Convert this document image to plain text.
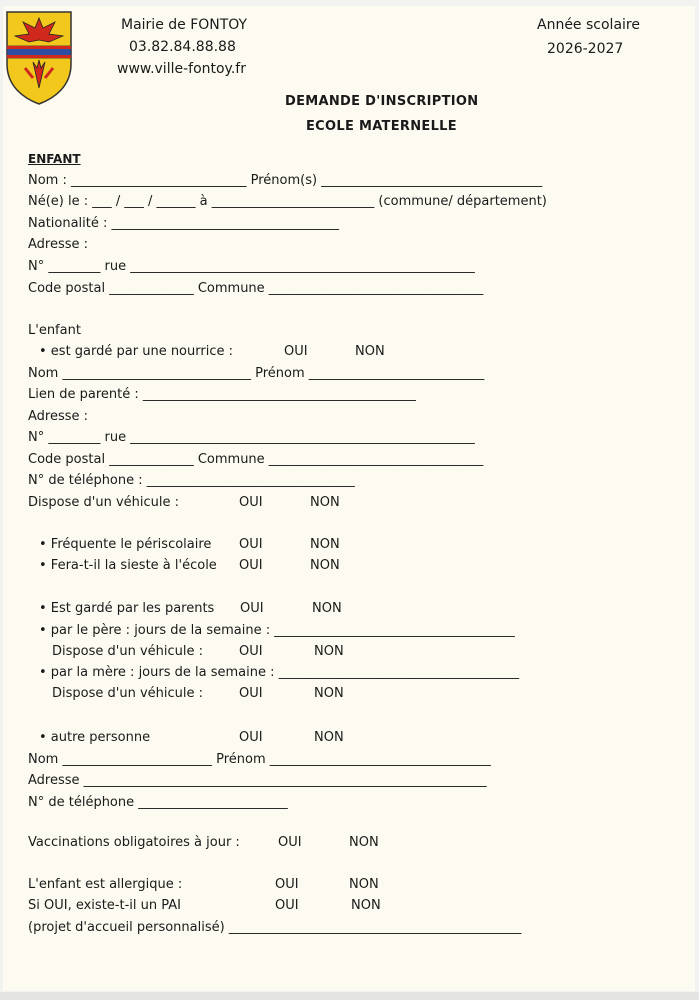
Mairie de FONTOY
03.82.84.88.88
www.ville-fontoy.fr
Année scolaire
2026-2027
DEMANDE D'INSCRIPTION
ECOLE MATERNELLE
ENFANT
Nom : ___________________________ Prénom(s) __________________________________
Né(e) le : ___ / ___ / ______ à _________________________ (commune/ département)
Nationalité : ___________________________________
Adresse :
N° ________ rue _____________________________________________________
Code postal _____________ Commune _________________________________
L'enfant
• est gardé par une nourrice :	OUI	NON
Nom _____________________________ Prénom ___________________________
Lien de parenté : __________________________________________
Adresse :
N° ________ rue _____________________________________________________
Code postal _____________ Commune _________________________________
N° de téléphone : ________________________________
Dispose d'un véhicule :	OUI	NON
• Fréquente le périscolaire OUI	NON
• Fera-t-il la sieste à l'école OUI	NON
• Est gardé par les parents OUI	NON
• par le père : jours de la semaine : _____________________________________
Dispose d'un véhicule :	OUI	NON
• par la mère : jours de la semaine : _____________________________________
Dispose d'un véhicule :	OUI	NON
• autre personne	OUI	NON
Nom _______________________ Prénom __________________________________
Adresse ______________________________________________________________
N° de téléphone _______________________
Vaccinations obligatoires à jour :	OUI	NON
L'enfant est allergique :	OUI	NON
Si OUI, existe-t-il un PAI	OUI	NON
(projet d'accueil personnalisé) _____________________________________________
